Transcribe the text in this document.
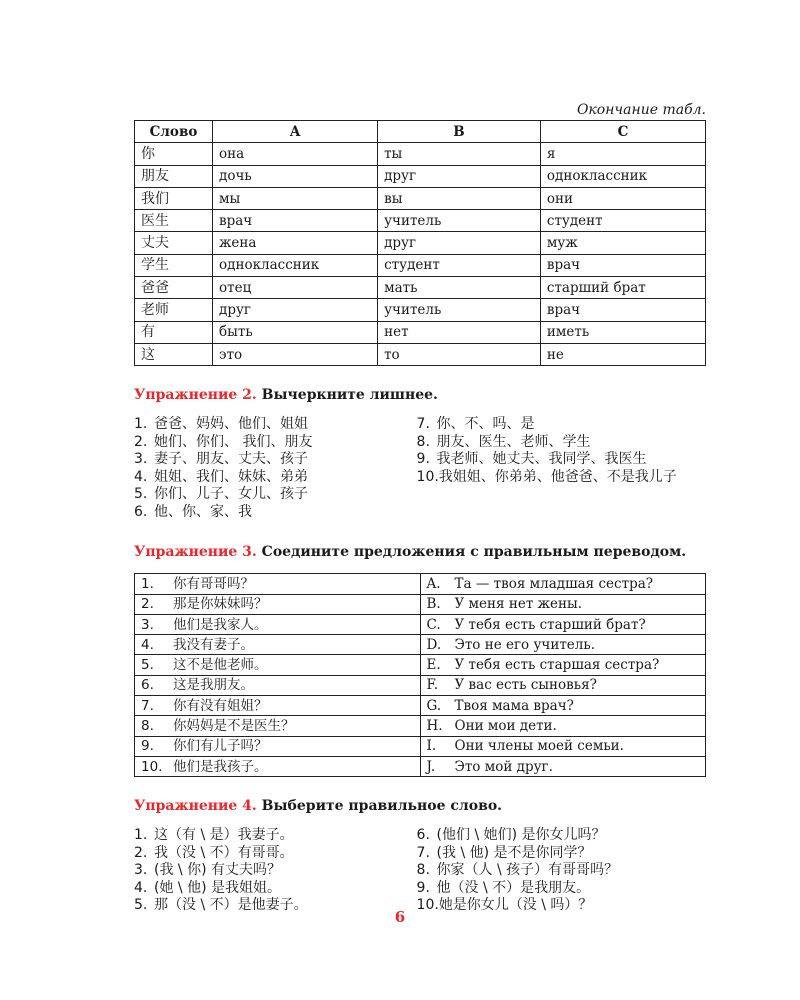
Окончание табл.
Слово	A	B	C
你	она	ты	я
朋友	дочь	друг	одноклассник
我们	мы	вы	они
医生	врач	учитель	студент
丈夫	жена	друг	муж
学生	одноклассник	студент	врач
爸爸	отец	мать	старший брат
老师	друг	учитель	врач
有	быть	нет	иметь
这	это	то	не
Упражнение 2. Вычеркните лишнее.
1. 爸爸、妈妈、他们、姐姐
2. 她们、你们、 我们、朋友
3. 妻子、朋友、丈夫、孩子
4. 姐姐、我们、妹妹、弟弟
5. 你们、儿子、女儿、孩子
6. 他、你、家、我
7. 你、不、吗、是
8. 朋友、医生、老师、学生
9. 我老师、她丈夫、我同学、我医生
10. 我姐姐、你弟弟、他爸爸、不是我儿子
Упражнение 3. Соедините предложения с правильным переводом.
1. 你有哥哥吗？	A. Та — твоя младшая сестра?
2. 那是你妹妹吗？	B. У меня нет жены.
3. 他们是我家人。	C. У тебя есть старший брат?
4. 我没有妻子。	D. Это не его учитель.
5. 这不是他老师。	E. У тебя есть старшая сестра?
6. 这是我朋友。	F. У вас есть сыновья?
7. 你有没有姐姐？	G. Твоя мама врач?
8. 你妈妈是不是医生？	H. Они мои дети.
9. 你们有儿子吗？	I. Они члены моей семьи.
10. 他们是我孩子。	J. Это мой друг.
Упражнение 4. Выберите правильное слово.
1. 这（有 \ 是）我妻子。
2. 我（没 \ 不）有哥哥。
3. (我 \ 你) 有丈夫吗？
4. (她 \ 他) 是我姐姐。
5. 那（没 \ 不）是他妻子。
6. (他们 \ 她们) 是你女儿吗？
7. (我 \ 他) 是不是你同学？
8. 你家（人 \ 孩子）有哥哥吗？
9. 他（没 \ 不）是我朋友。
10. 她是你女儿（没 \ 吗）？
6
